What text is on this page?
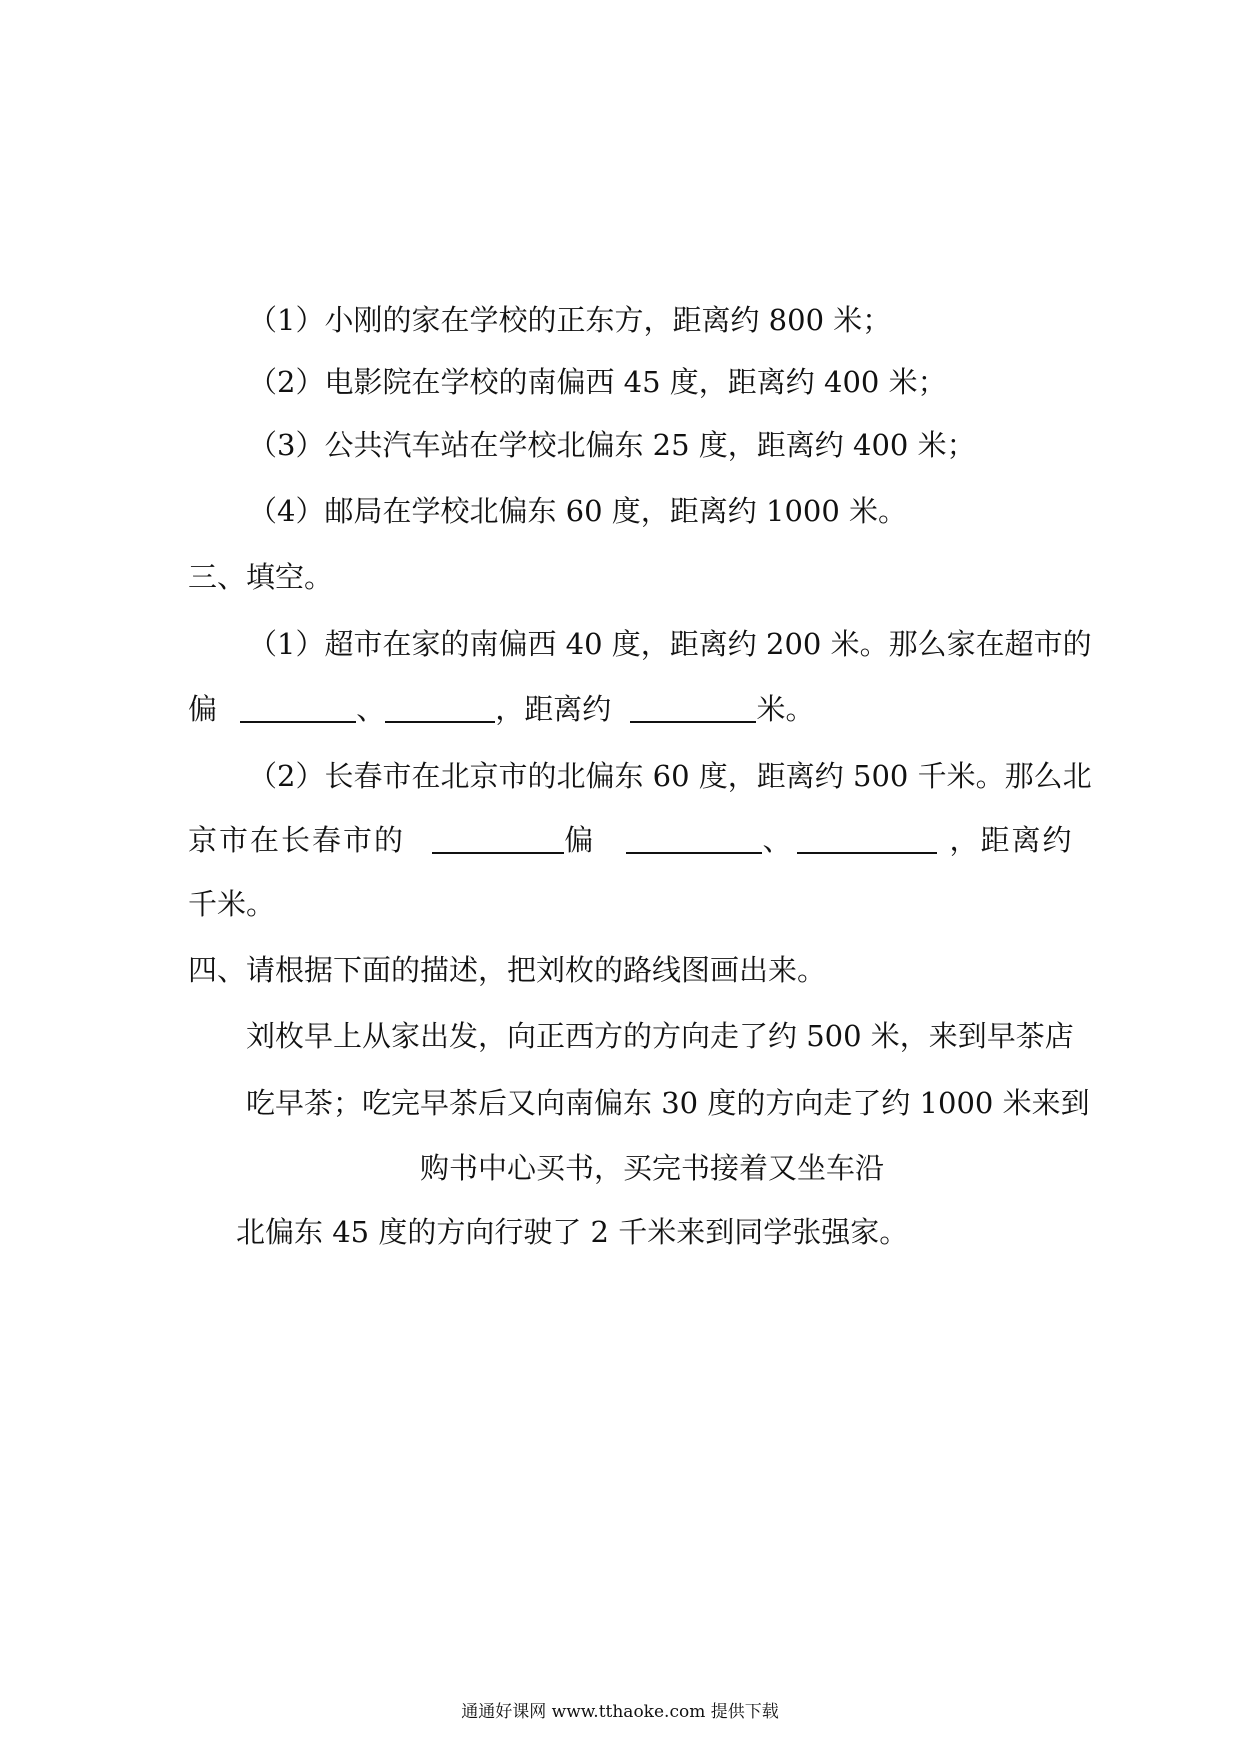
（1）小刚的家在学校的正东方，距离约 800 米；
（2）电影院在学校的南偏西 45 度，距离约 400 米；
（3）公共汽车站在学校北偏东 25 度，距离约 400 米；
（4）邮局在学校北偏东 60 度，距离约 1000 米。
三、填空。
（1）超市在家的南偏西 40 度，距离约 200 米。那么家在超市的
偏	、	，距离约	米。
（2）长春市在北京市的北偏东 60 度，距离约 500 千米。那么北
京市在长春市的	偏	、	，距离约
千米。
四、请根据下面的描述，把刘枚的路线图画出来。
刘枚早上从家出发，向正西方的方向走了约 500 米，来到早茶店
吃早茶；吃完早茶后又向南偏东 30 度的方向走了约 1000 米来到
购书中心买书，买完书接着又坐车沿
北偏东 45 度的方向行驶了 2 千米来到同学张强家。
通通好课网 www.tthaoke.com 提供下载
